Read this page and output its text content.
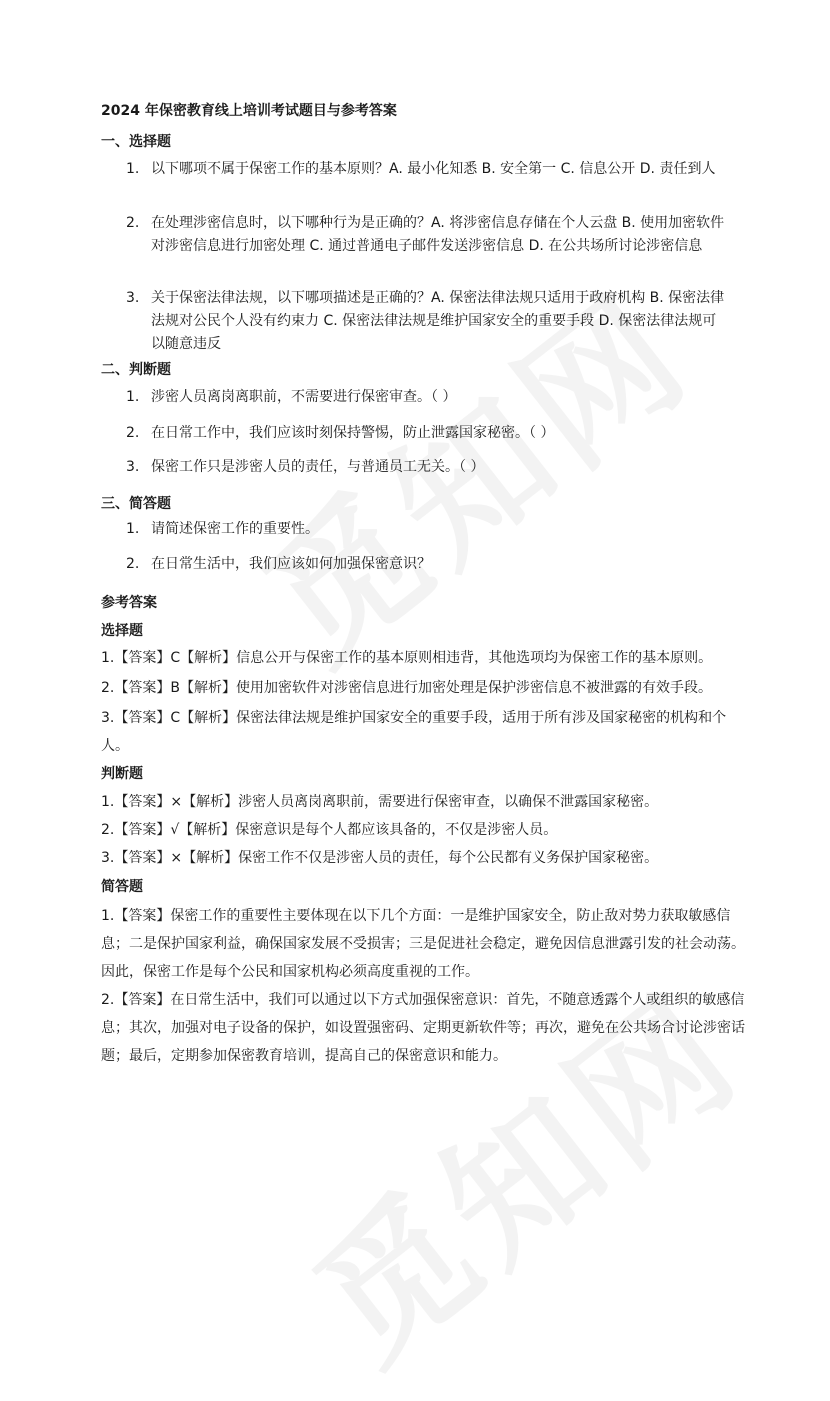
2024 年保密教育线上培训考试题目与参考答案
一、选择题
1. 以下哪项不属于保密工作的基本原则？A. 最小化知悉 B. 安全第一 C. 信息公开 D. 责任到人
2. 在处理涉密信息时，以下哪种行为是正确的？A. 将涉密信息存储在个人云盘 B. 使用加密软件对涉密信息进行加密处理 C. 通过普通电子邮件发送涉密信息 D. 在公共场所讨论涉密信息
3. 关于保密法律法规，以下哪项描述是正确的？A. 保密法律法规只适用于政府机构 B. 保密法律法规对公民个人没有约束力 C. 保密法律法规是维护国家安全的重要手段 D. 保密法律法规可以随意违反
二、判断题
1. 涉密人员离岗离职前，不需要进行保密审查。（ ）
2. 在日常工作中，我们应该时刻保持警惕，防止泄露国家秘密。（ ）
3. 保密工作只是涉密人员的责任，与普通员工无关。（ ）
三、简答题
1. 请简述保密工作的重要性。
2. 在日常生活中，我们应该如何加强保密意识？
参考答案
选择题
1.【答案】C【解析】信息公开与保密工作的基本原则相违背，其他选项均为保密工作的基本原则。
2.【答案】B【解析】使用加密软件对涉密信息进行加密处理是保护涉密信息不被泄露的有效手段。
3.【答案】C【解析】保密法律法规是维护国家安全的重要手段，适用于所有涉及国家秘密的机构和个人。
判断题
1.【答案】×【解析】涉密人员离岗离职前，需要进行保密审查，以确保不泄露国家秘密。
2.【答案】√【解析】保密意识是每个人都应该具备的，不仅是涉密人员。
3.【答案】×【解析】保密工作不仅是涉密人员的责任，每个公民都有义务保护国家秘密。
简答题
1.【答案】保密工作的重要性主要体现在以下几个方面：一是维护国家安全，防止敌对势力获取敏感信息；二是保护国家利益，确保国家发展不受损害；三是促进社会稳定，避免因信息泄露引发的社会动荡。因此，保密工作是每个公民和国家机构必须高度重视的工作。
2.【答案】在日常生活中，我们可以通过以下方式加强保密意识：首先，不随意透露个人或组织的敏感信息；其次，加强对电子设备的保护，如设置强密码、定期更新软件等；再次，避免在公共场合讨论涉密话题；最后，定期参加保密教育培训，提高自己的保密意识和能力。
